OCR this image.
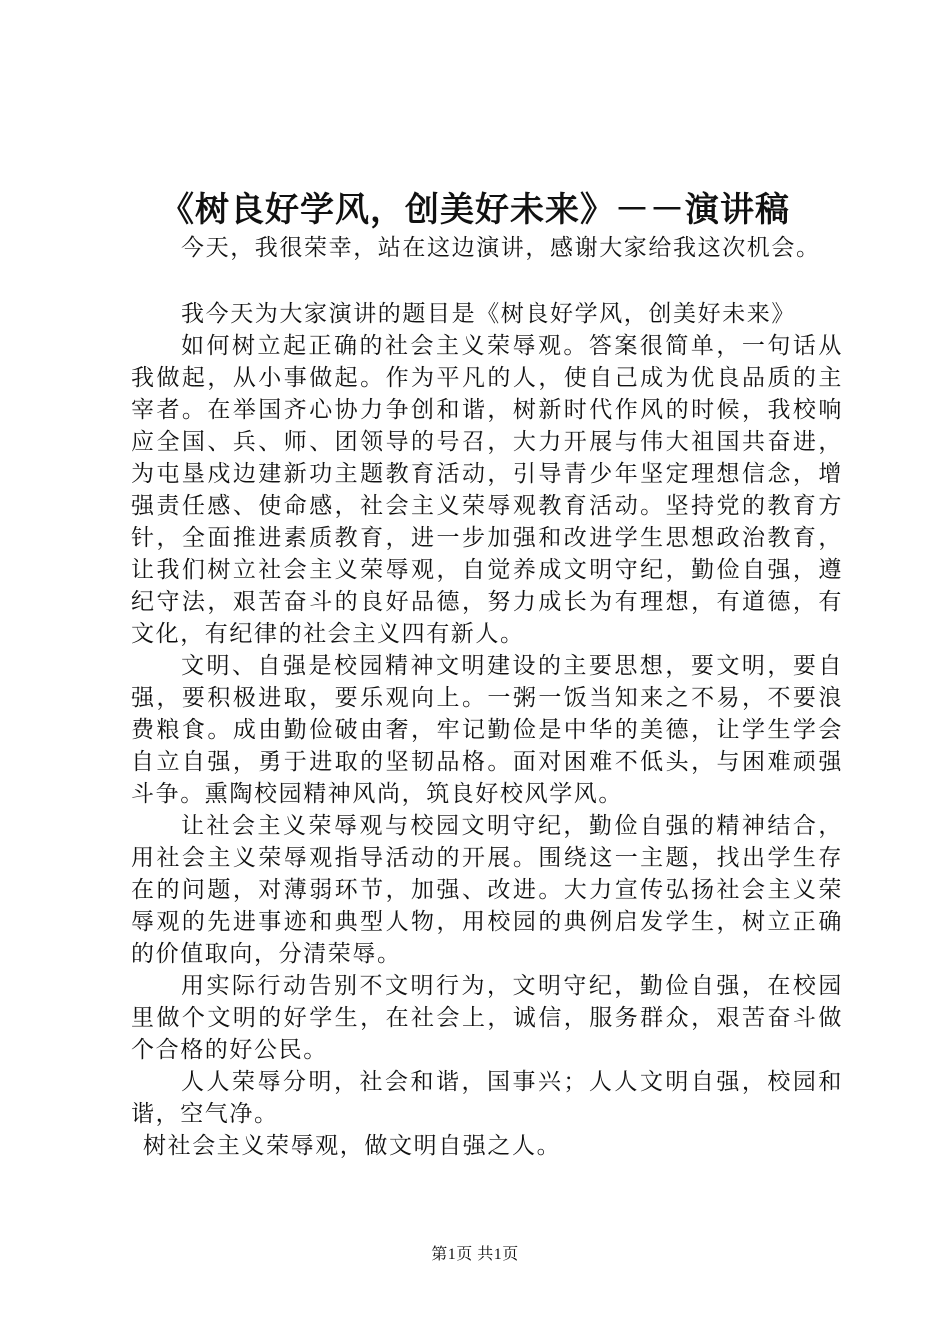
《树良好学风，创美好未来》－－演讲稿

今天，我很荣幸，站在这边演讲，感谢大家给我这次机会。

我今天为大家演讲的题目是《树良好学风，创美好未来》

如何树立起正确的社会主义荣辱观。答案很简单，一句话从我做起，从小事做起。作为平凡的人，使自己成为优良品质的主宰者。在举国齐心协力争创和谐，树新时代作风的时候，我校响应全国、兵、师、团领导的号召，大力开展与伟大祖国共奋进，为屯垦戍边建新功主题教育活动，引导青少年坚定理想信念，增强责任感、使命感，社会主义荣辱观教育活动。坚持党的教育方针，全面推进素质教育，进一步加强和改进学生思想政治教育，让我们树立社会主义荣辱观，自觉养成文明守纪，勤俭自强，遵纪守法，艰苦奋斗的良好品德，努力成长为有理想，有道德，有文化，有纪律的社会主义四有新人。

文明、自强是校园精神文明建设的主要思想，要文明，要自强，要积极进取，要乐观向上。一粥一饭当知来之不易，不要浪费粮食。成由勤俭破由奢，牢记勤俭是中华的美德，让学生学会自立自强，勇于进取的坚韧品格。面对困难不低头，与困难顽强斗争。熏陶校园精神风尚，筑良好校风学风。

让社会主义荣辱观与校园文明守纪，勤俭自强的精神结合，用社会主义荣辱观指导活动的开展。围绕这一主题，找出学生存在的问题，对薄弱环节，加强、改进。大力宣传弘扬社会主义荣辱观的先进事迹和典型人物，用校园的典例启发学生，树立正确的价值取向，分清荣辱。

用实际行动告别不文明行为，文明守纪，勤俭自强，在校园里做个文明的好学生，在社会上，诚信，服务群众，艰苦奋斗做个合格的好公民。

人人荣辱分明，社会和谐，国事兴；人人文明自强，校园和谐，空气净。

树社会主义荣辱观，做文明自强之人。

第1页 共1页
